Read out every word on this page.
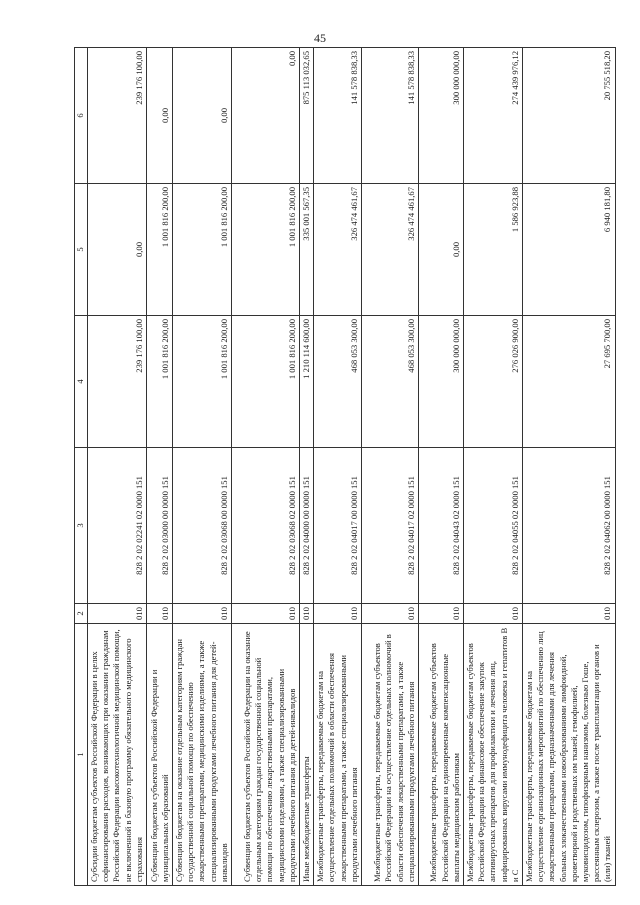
45
1	2	3	4	5	6
Субсидии бюджетам субъектов Российской Федерации в целях софинансирования расходов, возникающих при оказании гражданам Российской Федерации высокотехнологичной медицинской помощи, не включенной в базовую программу обязательного медицинского страхования	010	828 2 02 02241 02 0000 151	239 176 100,00	0,00	239 176 100,00
Субвенции бюджетам субъектов Российской Федерации и муниципальных образований	010	828 2 02 03000 00 0000 151	1 001 816 200,00	1 001 816 200,00	0,00
Субвенции бюджетам на оказание отдельным категориям граждан государственной социальной помощи по обеспечению лекарственными препаратами, медицинскими изделиями, а также специализированными продуктами лечебного питания для детей-инвалидов	010	828 2 02 03068 00 0000 151	1 001 816 200,00	1 001 816 200,00	0,00
Субвенции бюджетам субъектов Российской Федерации на оказание отдельным категориям граждан государственной социальной помощи по обеспечению лекарственными препаратами, медицинскими изделиями, а также специализированными продуктами лечебного питания для детей-инвалидов	010	828 2 02 03068 02 0000 151	1 001 816 200,00	1 001 816 200,00	0,00
Иные межбюджетные трансферты	010	828 2 02 04000 00 0000 151	1 210 114 600,00	335 001 567,35	875 113 032,65
Межбюджетные трансферты, передаваемые бюджетам на осуществление отдельных полномочий в области обеспечения лекарственными препаратами, а также специализированными продуктами лечебного питания	010	828 2 02 04017 00 0000 151	468 053 300,00	326 474 461,67	141 578 838,33
Межбюджетные трансферты, передаваемые бюджетам субъектов Российской Федерации на осуществление отдельных полномочий в области обеспечения лекарственными препаратами, а также специализированными продуктами лечебного питания	010	828 2 02 04017 02 0000 151	468 053 300,00	326 474 461,67	141 578 838,33
Межбюджетные трансферты, передаваемые бюджетам субъектов Российской Федерации на единовременные компенсационные выплаты медицинским работникам	010	828 2 02 04043 02 0000 151	300 000 000,00	0,00	300 000 000,00
Межбюджетные трансферты, передаваемые бюджетам субъектов Российской Федерации на финансовое обеспечение закупок антивирусных препаратов для профилактики и лечения лиц, инфицированных вирусами иммунодефицита человека и гепатитов В и С	010	828 2 02 04055 02 0000 151	276 026 900,00	1 586 923,88	274 439 976,12
Межбюджетные трансферты, передаваемые бюджетам на осуществление организационных мероприятий по обеспечению лиц лекарственными препаратами, предназначенными для лечения больных злокачественными новообразованиями лимфоидной, кроветворной и родственных им тканей, гемофилией, муковисцидозом, гипофизарным нанизмом, болезнью Гоше, рассеянным склерозом, а также после трансплантации органов и (или) тканей	010	828 2 02 04062 00 0000 151	27 695 700,00	6 940 181,80	20 755 518,20
